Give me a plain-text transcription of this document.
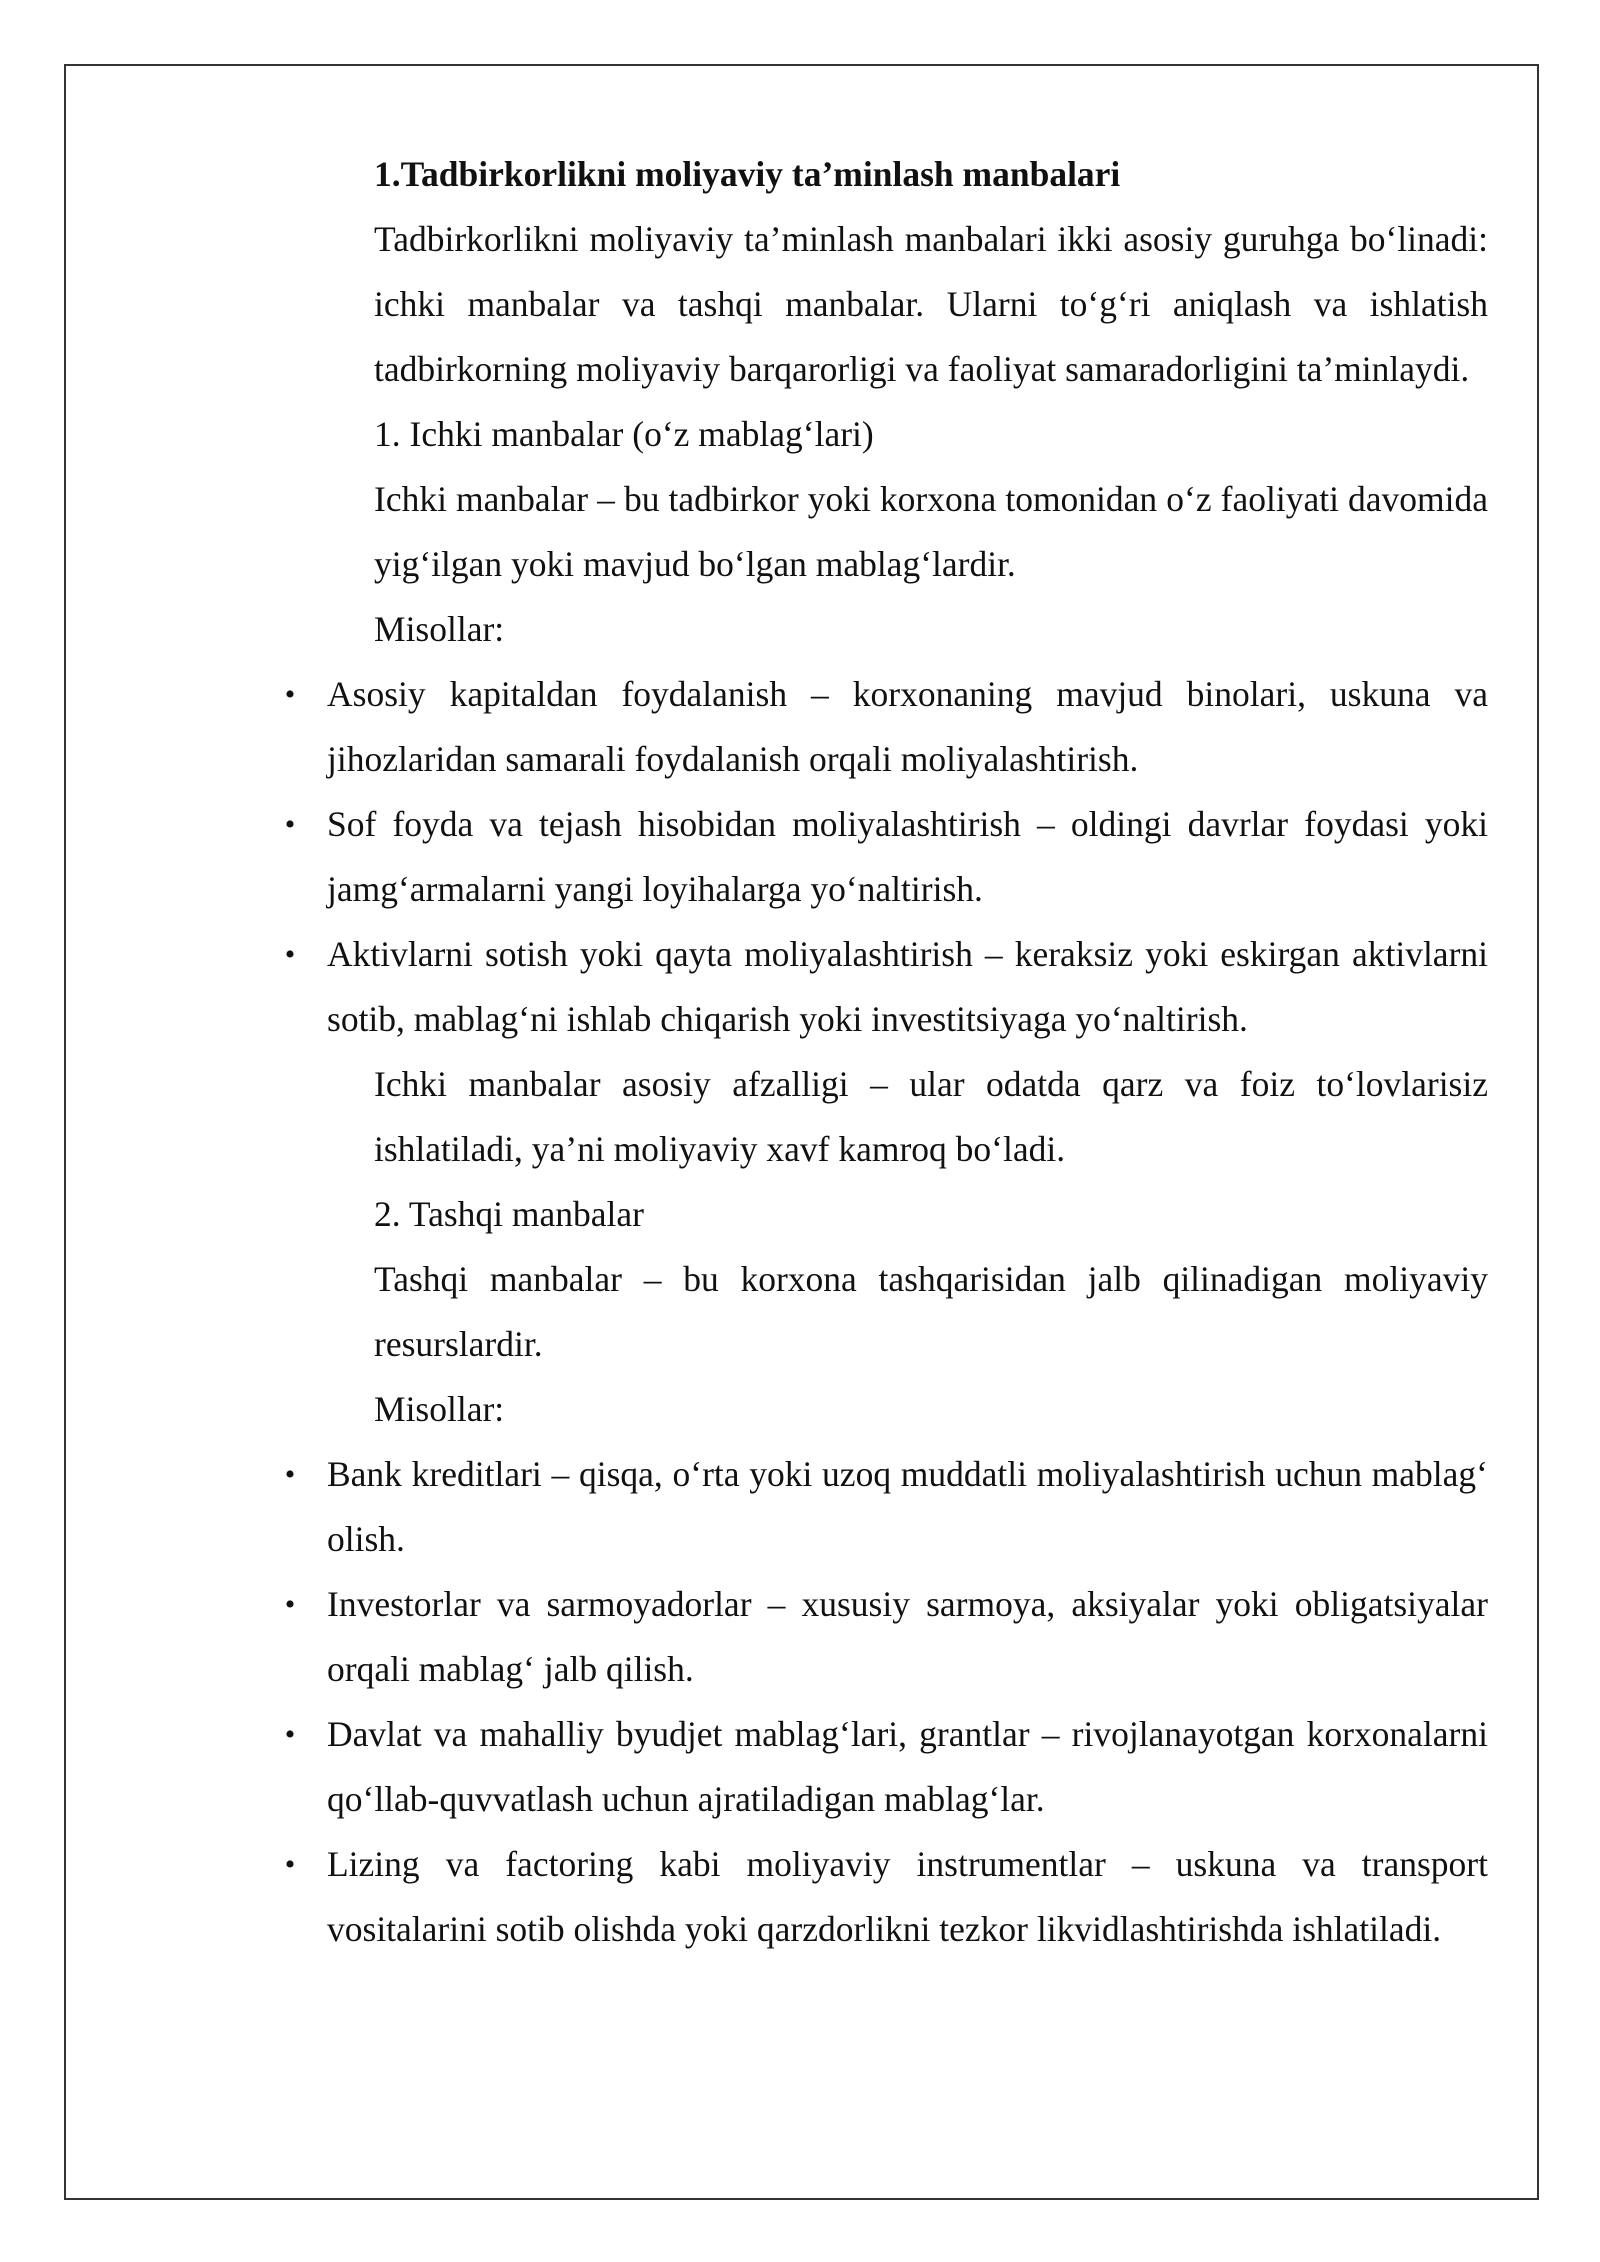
1.Tadbirkorlikni moliyaviy ta’minlash manbalari

Tadbirkorlikni moliyaviy ta’minlash manbalari ikki asosiy guruhga bo‘linadi: ichki manbalar va tashqi manbalar. Ularni to‘g‘ri aniqlash va ishlatish tadbirkorning moliyaviy barqarorligi va faoliyat samaradorligini ta’minlaydi.

1. Ichki manbalar (o‘z mablag‘lari)

Ichki manbalar – bu tadbirkor yoki korxona tomonidan o‘z faoliyati davomida yig‘ilgan yoki mavjud bo‘lgan mablag‘lardir.

Misollar:

• Asosiy kapitaldan foydalanish – korxonaning mavjud binolari, uskuna va jihozlaridan samarali foydalanish orqali moliyalashtirish.
• Sof foyda va tejash hisobidan moliyalashtirish – oldingi davrlar foydasi yoki jamg‘armalarni yangi loyihalarga yo‘naltirish.
• Aktivlarni sotish yoki qayta moliyalashtirish – keraksiz yoki eskirgan aktivlarni sotib, mablag‘ni ishlab chiqarish yoki investitsiyaga yo‘naltirish.

Ichki manbalar asosiy afzalligi – ular odatda qarz va foiz to‘lovlarisiz ishlatiladi, ya’ni moliyaviy xavf kamroq bo‘ladi.

2. Tashqi manbalar

Tashqi manbalar – bu korxona tashqarisidan jalb qilinadigan moliyaviy resurslardir.

Misollar:

• Bank kreditlari – qisqa, o‘rta yoki uzoq muddatli moliyalashtirish uchun mablag‘ olish.
• Investorlar va sarmoyadorlar – xususiy sarmoya, aksiyalar yoki obligatsiyalar orqali mablag‘ jalb qilish.
• Davlat va mahalliy byudjet mablag‘lari, grantlar – rivojlanayotgan korxonalarni qo‘llab-quvvatlash uchun ajratiladigan mablag‘lar.
• Lizing va factoring kabi moliyaviy instrumentlar – uskuna va transport vositalarini sotib olishda yoki qarzdorlikni tezkor likvidlashtirishda ishlatiladi.
